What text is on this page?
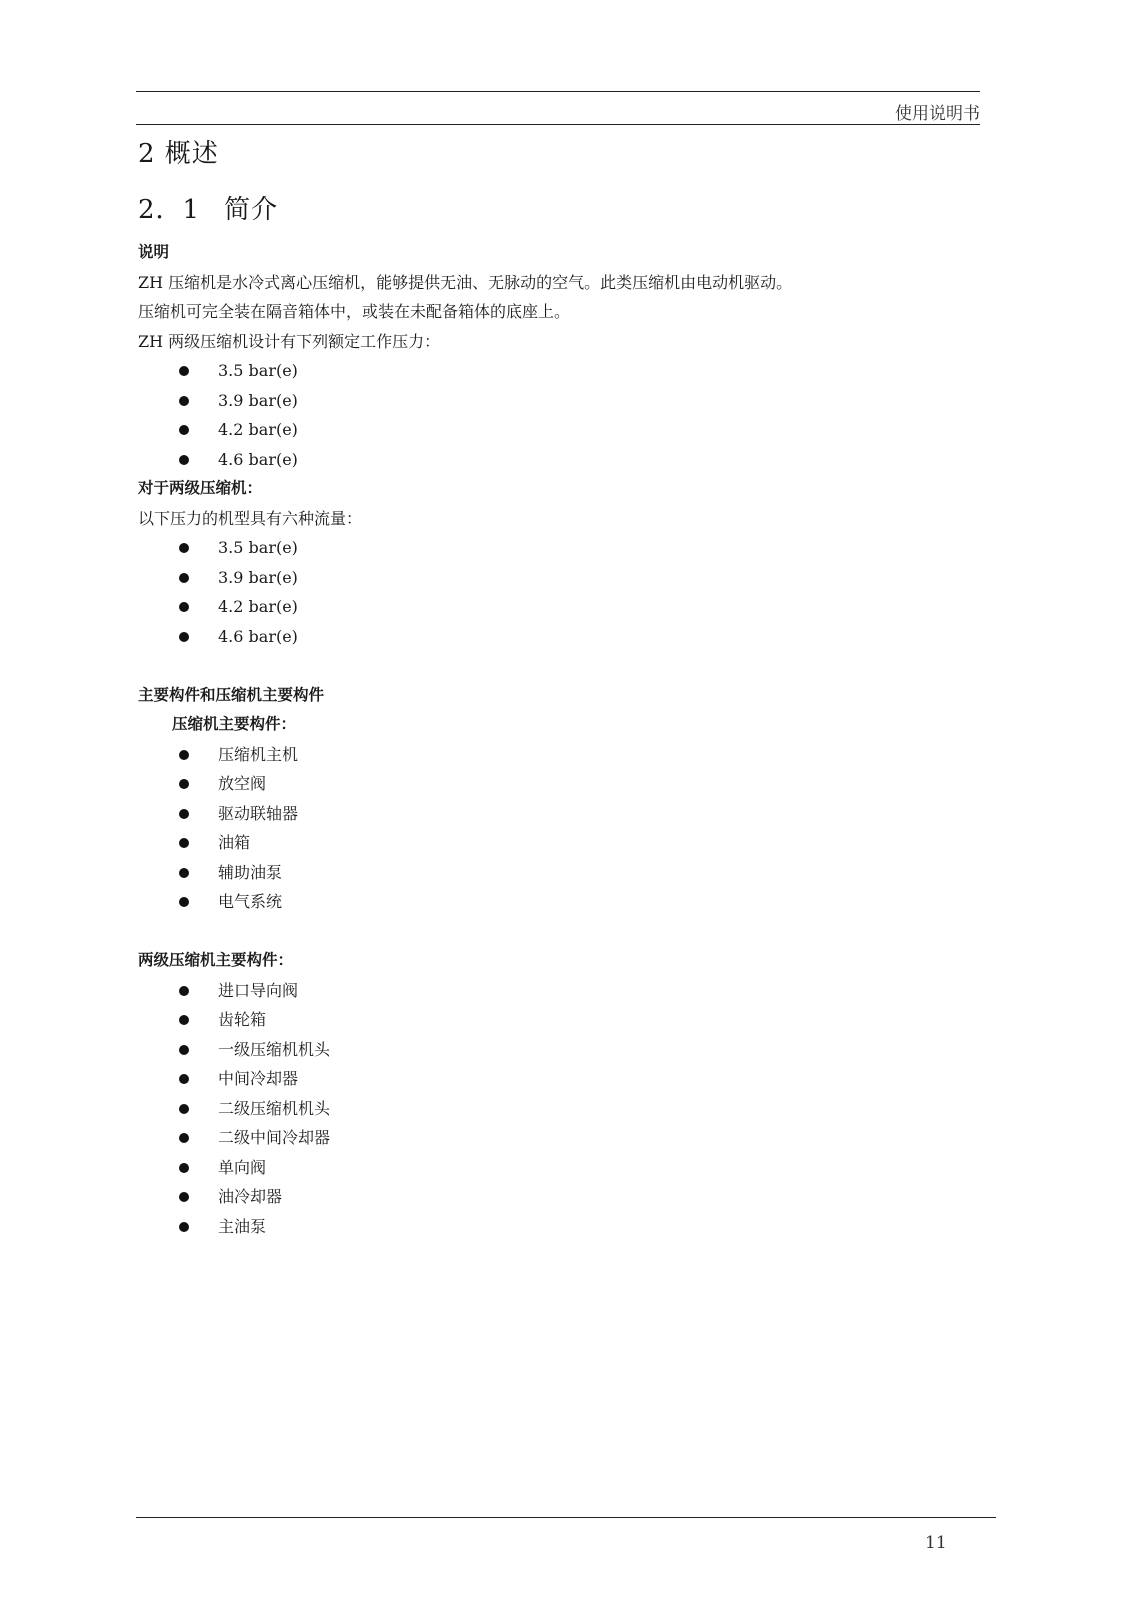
使用说明书
2 概述
2．1 简介
说明
ZH 压缩机是水冷式离心压缩机，能够提供无油、无脉动的空气。此类压缩机由电动机驱动。
压缩机可完全装在隔音箱体中，或装在未配备箱体的底座上。
ZH 两级压缩机设计有下列额定工作压力：
3.5 bar(e)
3.9 bar(e)
4.2 bar(e)
4.6 bar(e)
对于两级压缩机：
以下压力的机型具有六种流量：
3.5 bar(e)
3.9 bar(e)
4.2 bar(e)
4.6 bar(e)
主要构件和压缩机主要构件
压缩机主要构件：
压缩机主机
放空阀
驱动联轴器
油箱
辅助油泵
电气系统
两级压缩机主要构件：
进口导向阀
齿轮箱
一级压缩机机头
中间冷却器
二级压缩机机头
二级中间冷却器
单向阀
油冷却器
主油泵
11
